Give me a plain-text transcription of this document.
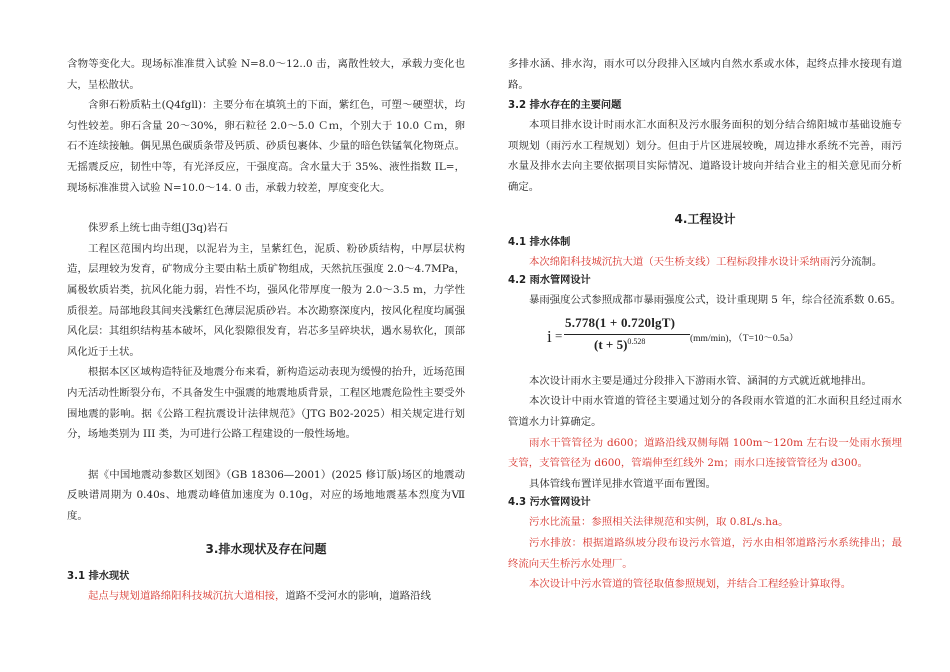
含物等变化大。现场标准准贯入试验 N=8.0～12..0 击，离散性较大，承载力变化也大，呈松散状。

含卵石粉质粘土(Q4fgll)：主要分布在填筑土的下面，紫红色，可塑～硬塑状，均匀性较差。卵石含量 20～30%，卵石粒径 2.0～5.0 Ｃｍ，个别大于 10.0 Ｃｍ，卵石不连续接触。偶见黑色碳质条带及钙质、砂质包裹体、少量的暗色铁锰氧化物斑点。无摇震反应，韧性中等，有光泽反应，干强度高。含水量大于 35%、液性指数 IL=，现场标准准贯入试验 N=10.0～14. 0 击，承载力较差，厚度变化大。

侏罗系上统七曲寺组(J3q)岩石

工程区范围内均出现，以泥岩为主，呈紫红色，泥质、粉砂质结构，中厚层状构造，层理较为发育，矿物成分主要由粘土质矿物组成，天然抗压强度 2.0～4.7MPa，属极软质岩类，抗风化能力弱，岩性不均，强风化带厚度一般为 2.0～3.5 m，力学性质很差。局部地段其间夹浅紫红色薄层泥质砂岩。本次勘察深度内，按风化程度均属强风化层：其组织结构基本破坏，风化裂隙很发育，岩芯多呈碎块状，遇水易软化，顶部风化近于土状。

根据本区区域构造特征及地震分布来看，新构造运动表现为缓慢的抬升，近场范围内无活动性断裂分布，不具备发生中强震的地震地质背景，工程区地震危险性主要受外围地震的影响。据《公路工程抗震设计法律规范》（JTG B02-2025）相关规定进行划分，场地类别为 III 类，为可进行公路工程建设的一般性场地。

据《中国地震动参数区划图》（GB 18306—2001）(2025 修订版)场区的地震动反映谱周期为 0.40s、地震动峰值加速度为 0.10g，对应的场地地震基本烈度为Ⅶ度。

3.排水现状及存在问题
3.1 排水现状

起点与规划道路绵阳科技城沉抗大道相接，道路不受河水的影响，道路沿线

多排水涵、排水沟，雨水可以分段排入区域内自然水系或水体，起终点排水接现有道路。

3.2 排水存在的主要问题

本项目排水设计时雨水汇水面积及污水服务面积的划分结合绵阳城市基础设施专项规划（雨污水工程规划）划分。但由于片区进展较晚，周边排水系统不完善，雨污水量及排水去向主要依据项目实际情况、道路设计坡向并结合业主的相关意见而分析确定。

4.工程设计
4.1 排水体制

本次绵阳科技城沉抗大道（天生桥支线）工程标段排水设计采纳雨污分流制。

4.2 雨水管网设计

暴雨强度公式参照成都市暴雨强度公式，设计重现期 5 年，综合径流系数 0.65。

i =
5.778(1 + 0.720lgT)
$(t + 5)^{0.528}$	(mm/min)，（T=10～0.5a）

本次设计雨水主要是通过分段排入下游雨水管、涵洞的方式就近就地排出。

本次设计中雨水管道的管径主要通过划分的各段雨水管道的汇水面积且经过雨水管道水力计算确定。

雨水干管管径为 d600；道路沿线双侧每隔 100m～120m 左右设一处雨水预埋支管，支管管径为 d600，管端伸至红线外 2m；雨水口连接管管径为 d300。

具体管线布置详见排水管道平面布置图。

4.3 污水管网设计

污水比流量：参照相关法律规范和实例，取 0.8L/s.ha。

污水排放：根据道路纵坡分段布设污水管道，污水由相邻道路污水系统排出；最终流向天生桥污水处理厂。

本次设计中污水管道的管径取值参照规划，并结合工程经验计算取得。
